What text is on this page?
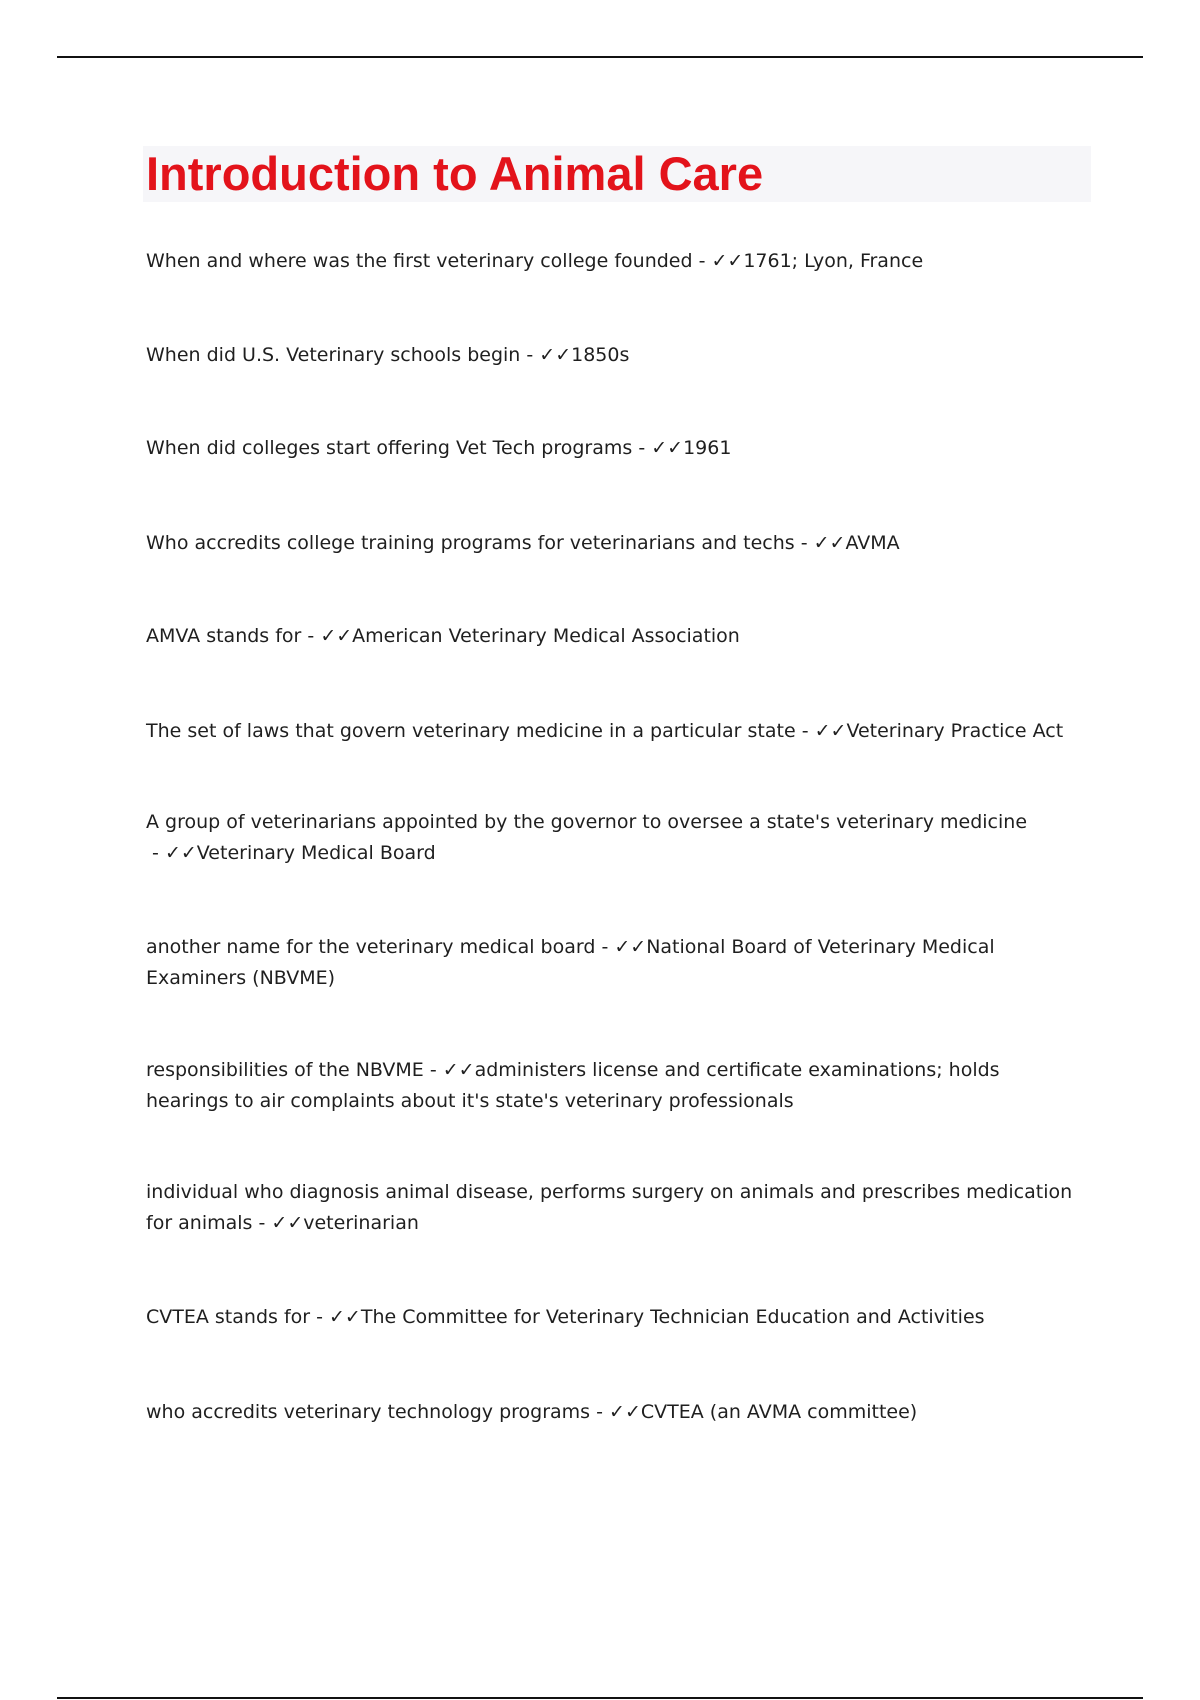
Introduction to Animal Care

When and where was the first veterinary college founded - ✓✓1761; Lyon, France

When did U.S. Veterinary schools begin - ✓✓1850s

When did colleges start offering Vet Tech programs - ✓✓1961

Who accredits college training programs for veterinarians and techs - ✓✓AVMA

AMVA stands for - ✓✓American Veterinary Medical Association

The set of laws that govern veterinary medicine in a particular state - ✓✓Veterinary Practice Act

A group of veterinarians appointed by the governor to oversee a state's veterinary medicine - ✓✓Veterinary Medical Board

another name for the veterinary medical board - ✓✓National Board of Veterinary Medical Examiners (NBVME)

responsibilities of the NBVME - ✓✓administers license and certificate examinations; holds hearings to air complaints about it's state's veterinary professionals

individual who diagnosis animal disease, performs surgery on animals and prescribes medication for animals - ✓✓veterinarian

CVTEA stands for - ✓✓The Committee for Veterinary Technician Education and Activities

who accredits veterinary technology programs - ✓✓CVTEA (an AVMA committee)
